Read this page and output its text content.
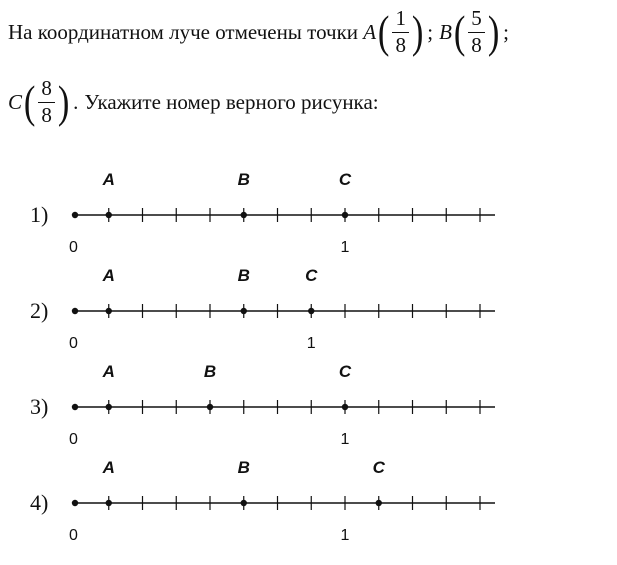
На координатном луче отмечены точки
A ( $\frac{1}{8}$ ) ; B ( $\frac{5}{8}$ ) ;
C ( $\frac{8}{8}$ ) . Укажите номер верного рисунка:
1)
A	B	C
0	1
2)
A	B	C
0	1
3)
A	B	C
0	1
4)
A	B	C
0	1
